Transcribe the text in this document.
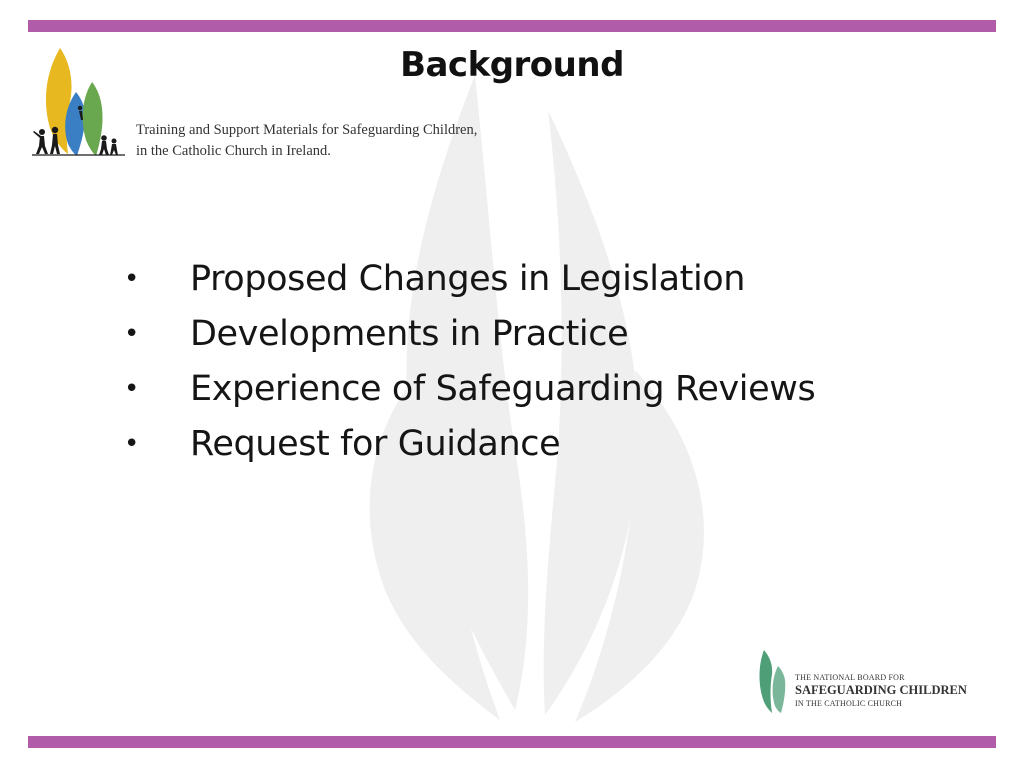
Background
Training and Support Materials for Safeguarding Children,
in the Catholic Church in Ireland.
•	Proposed Changes in Legislation
•	Developments in Practice
•	Experience of Safeguarding Reviews
•	Request for Guidance
THE NATIONAL BOARD FOR
SAFEGUARDING CHILDREN
IN THE CATHOLIC CHURCH
